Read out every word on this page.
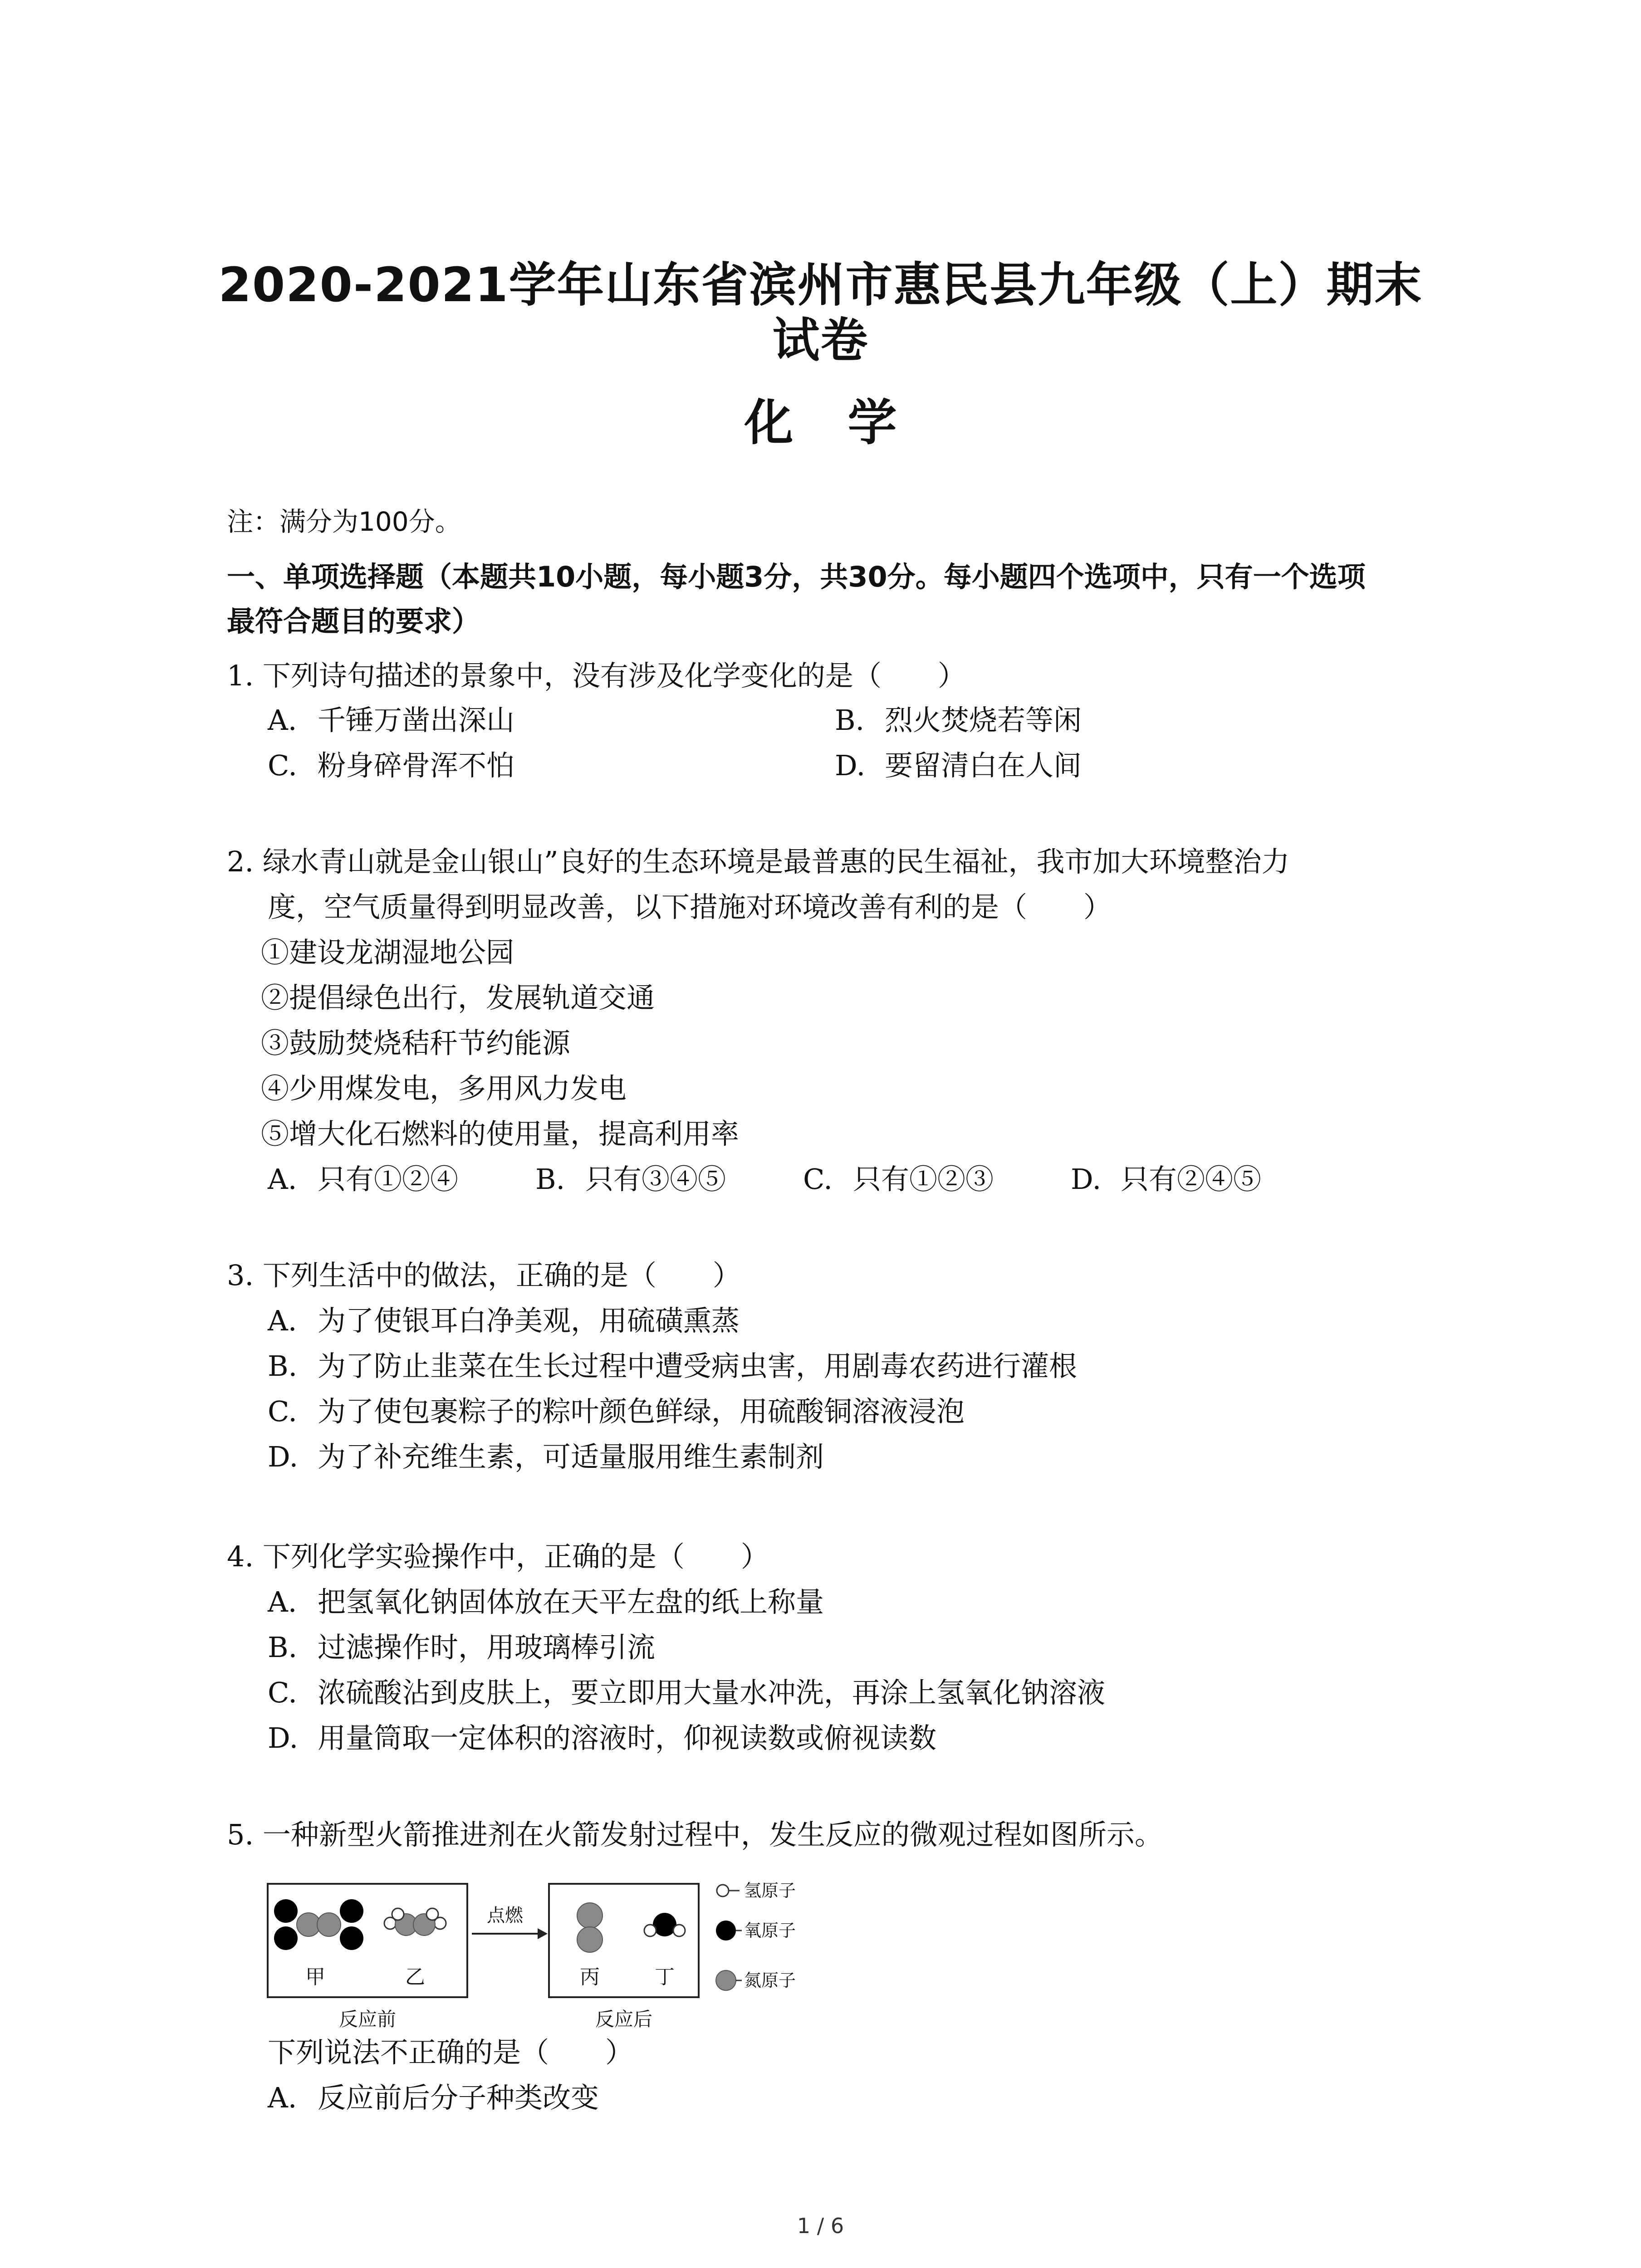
2020-2021学年山东省滨州市惠民县九年级（上）期末
试卷
化学
注：满分为100分。
一、单项选择题（本题共10小题，每小题3分，共30分。每小题四个选项中，只有一个选项
最符合题目的要求）
1. 下列诗句描述的景象中，没有涉及化学变化的是（　　）
A. 千锤万凿出深山	B. 烈火焚烧若等闲
C. 粉身碎骨浑不怕	D. 要留清白在人间
2. 绿水青山就是金山银山”良好的生态环境是最普惠的民生福祉，我市加大环境整治力
度，空气质量得到明显改善，以下措施对环境改善有利的是（　　）
①建设龙湖湿地公园
②提倡绿色出行，发展轨道交通
③鼓励焚烧秸秆节约能源
④少用煤发电，多用风力发电
⑤增大化石燃料的使用量，提高利用率
A. 只有①②④	B. 只有③④⑤	C. 只有①②③	D. 只有②④⑤
3. 下列生活中的做法，正确的是（　　）
A. 为了使银耳白净美观，用硫磺熏蒸
B. 为了防止韭菜在生长过程中遭受病虫害，用剧毒农药进行灌根
C. 为了使包裹粽子的粽叶颜色鲜绿，用硫酸铜溶液浸泡
D. 为了补充维生素，可适量服用维生素制剂
4. 下列化学实验操作中，正确的是（　　）
A. 把氢氧化钠固体放在天平左盘的纸上称量
B. 过滤操作时，用玻璃棒引流
C. 浓硫酸沾到皮肤上，要立即用大量水冲洗，再涂上氢氧化钠溶液
D. 用量筒取一定体积的溶液时，仰视读数或俯视读数
5. 一种新型火箭推进剂在火箭发射过程中，发生反应的微观过程如图所示。
甲	乙
反应前
点燃
丙	丁
反应后
氢原子
氧原子
氮原子
下列说法不正确的是（　　）
A. 反应前后分子种类改变
1 / 6
